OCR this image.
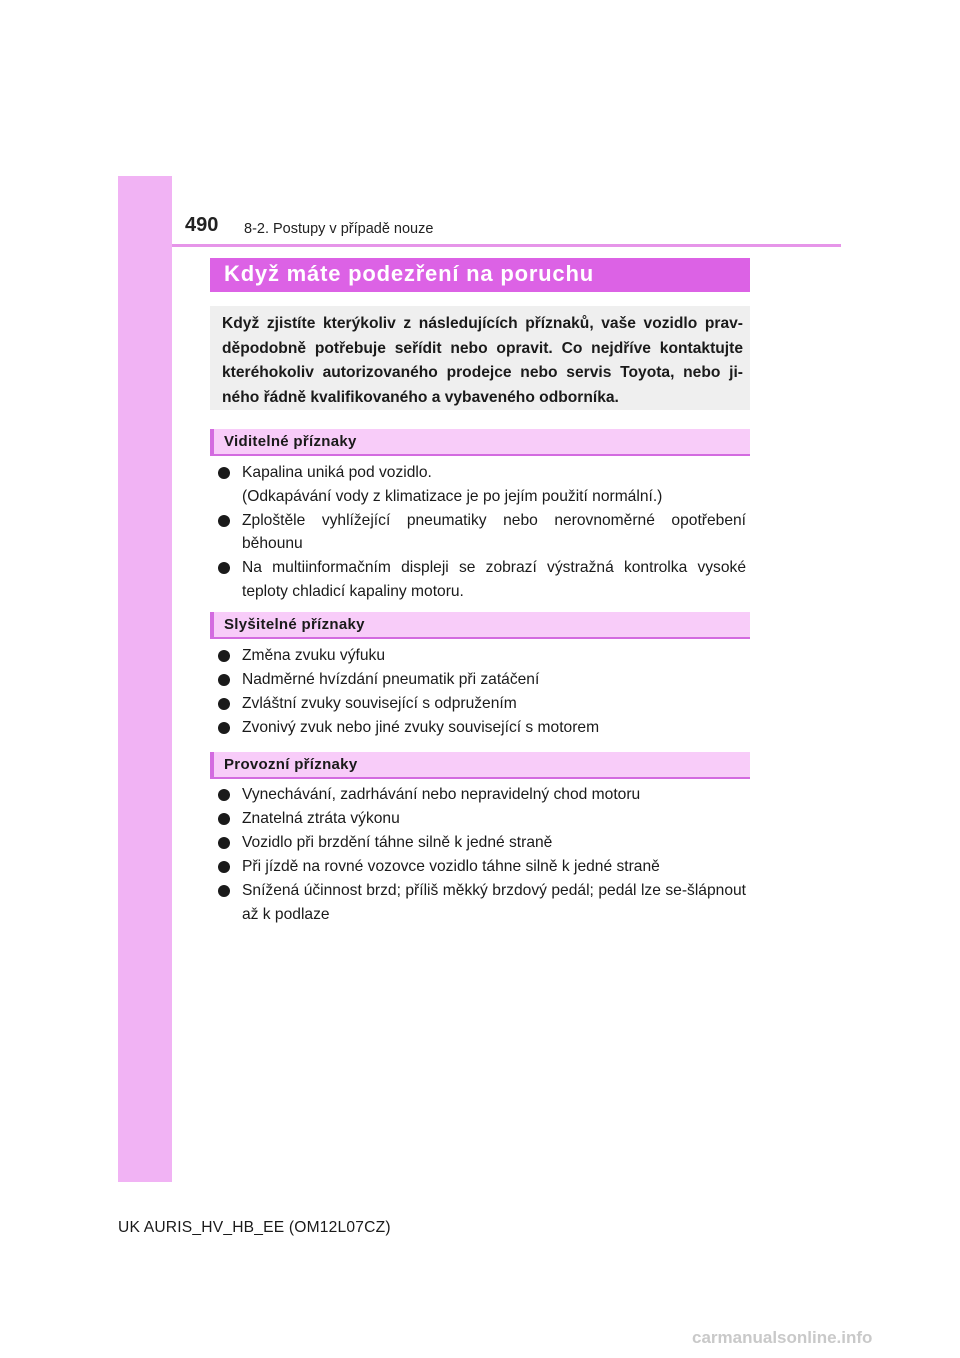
490 8-2. Postupy v případě nouze
Když máte podezření na poruchu
Když zjistíte kterýkoliv z následujících příznaků, vaše vozidlo prav-děpodobně potřebuje seřídit nebo opravit. Co nejdříve kontaktujte kteréhokoliv autorizovaného prodejce nebo servis Toyota, nebo ji-ného řádně kvalifikovaného a vybaveného odborníka.
Viditelné příznaky
Kapalina uniká pod vozidlo.
(Odkapávání vody z klimatizace je po jejím použití normální.)
Zploštěle vyhlížející pneumatiky nebo nerovnoměrné opotřebení běhounu
Na multiinformačním displeji se zobrazí výstražná kontrolka vysoké teploty chladicí kapaliny motoru.
Slyšitelné příznaky
Změna zvuku výfuku
Nadměrné hvízdání pneumatik při zatáčení
Zvláštní zvuky související s odpružením
Zvonivý zvuk nebo jiné zvuky související s motorem
Provozní příznaky
Vynechávání, zadrhávání nebo nepravidelný chod motoru
Znatelná ztráta výkonu
Vozidlo při brzdění táhne silně k jedné straně
Při jízdě na rovné vozovce vozidlo táhne silně k jedné straně
Snížená účinnost brzd; příliš měkký brzdový pedál; pedál lze se-šlápnout až k podlaze
UK AURIS_HV_HB_EE (OM12L07CZ)
carmanualsonline.info
